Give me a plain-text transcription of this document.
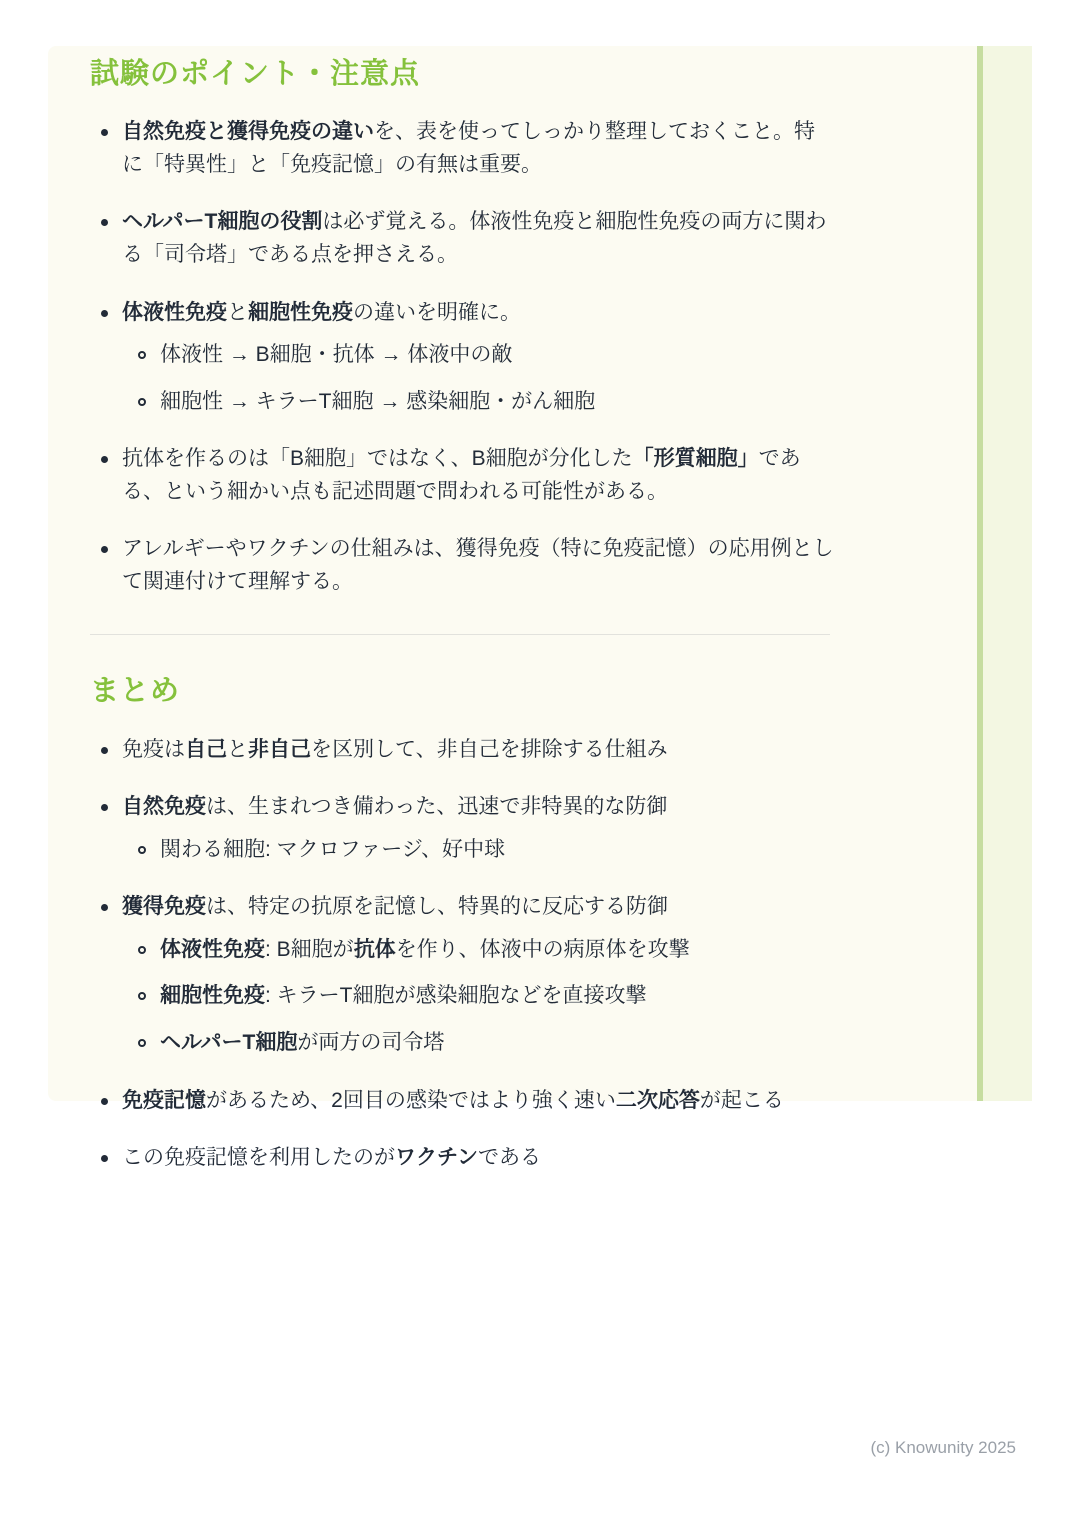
試験のポイント・注意点
自然免疫と獲得免疫の違いを、表を使ってしっかり整理しておくこと。特に「特異性」と「免疫記憶」の有無は重要。
ヘルパーT細胞の役割は必ず覚える。体液性免疫と細胞性免疫の両方に関わる「司令塔」である点を押さえる。
体液性免疫と細胞性免疫の違いを明確に。
体液性 → B細胞・抗体 → 体液中の敵
細胞性 → キラーT細胞 → 感染細胞・がん細胞
抗体を作るのは「B細胞」ではなく、B細胞が分化した「形質細胞」である、という細かい点も記述問題で問われる可能性がある。
アレルギーやワクチンの仕組みは、獲得免疫（特に免疫記憶）の応用例として関連付けて理解する。
まとめ
免疫は自己と非自己を区別して、非自己を排除する仕組み
自然免疫は、生まれつき備わった、迅速で非特異的な防御
関わる細胞: マクロファージ、好中球
獲得免疫は、特定の抗原を記憶し、特異的に反応する防御
体液性免疫: B細胞が抗体を作り、体液中の病原体を攻撃
細胞性免疫: キラーT細胞が感染細胞などを直接攻撃
ヘルパーT細胞が両方の司令塔
免疫記憶があるため、2回目の感染ではより強く速い二次応答が起こる
この免疫記憶を利用したのがワクチンである
(c) Knowunity 2025
